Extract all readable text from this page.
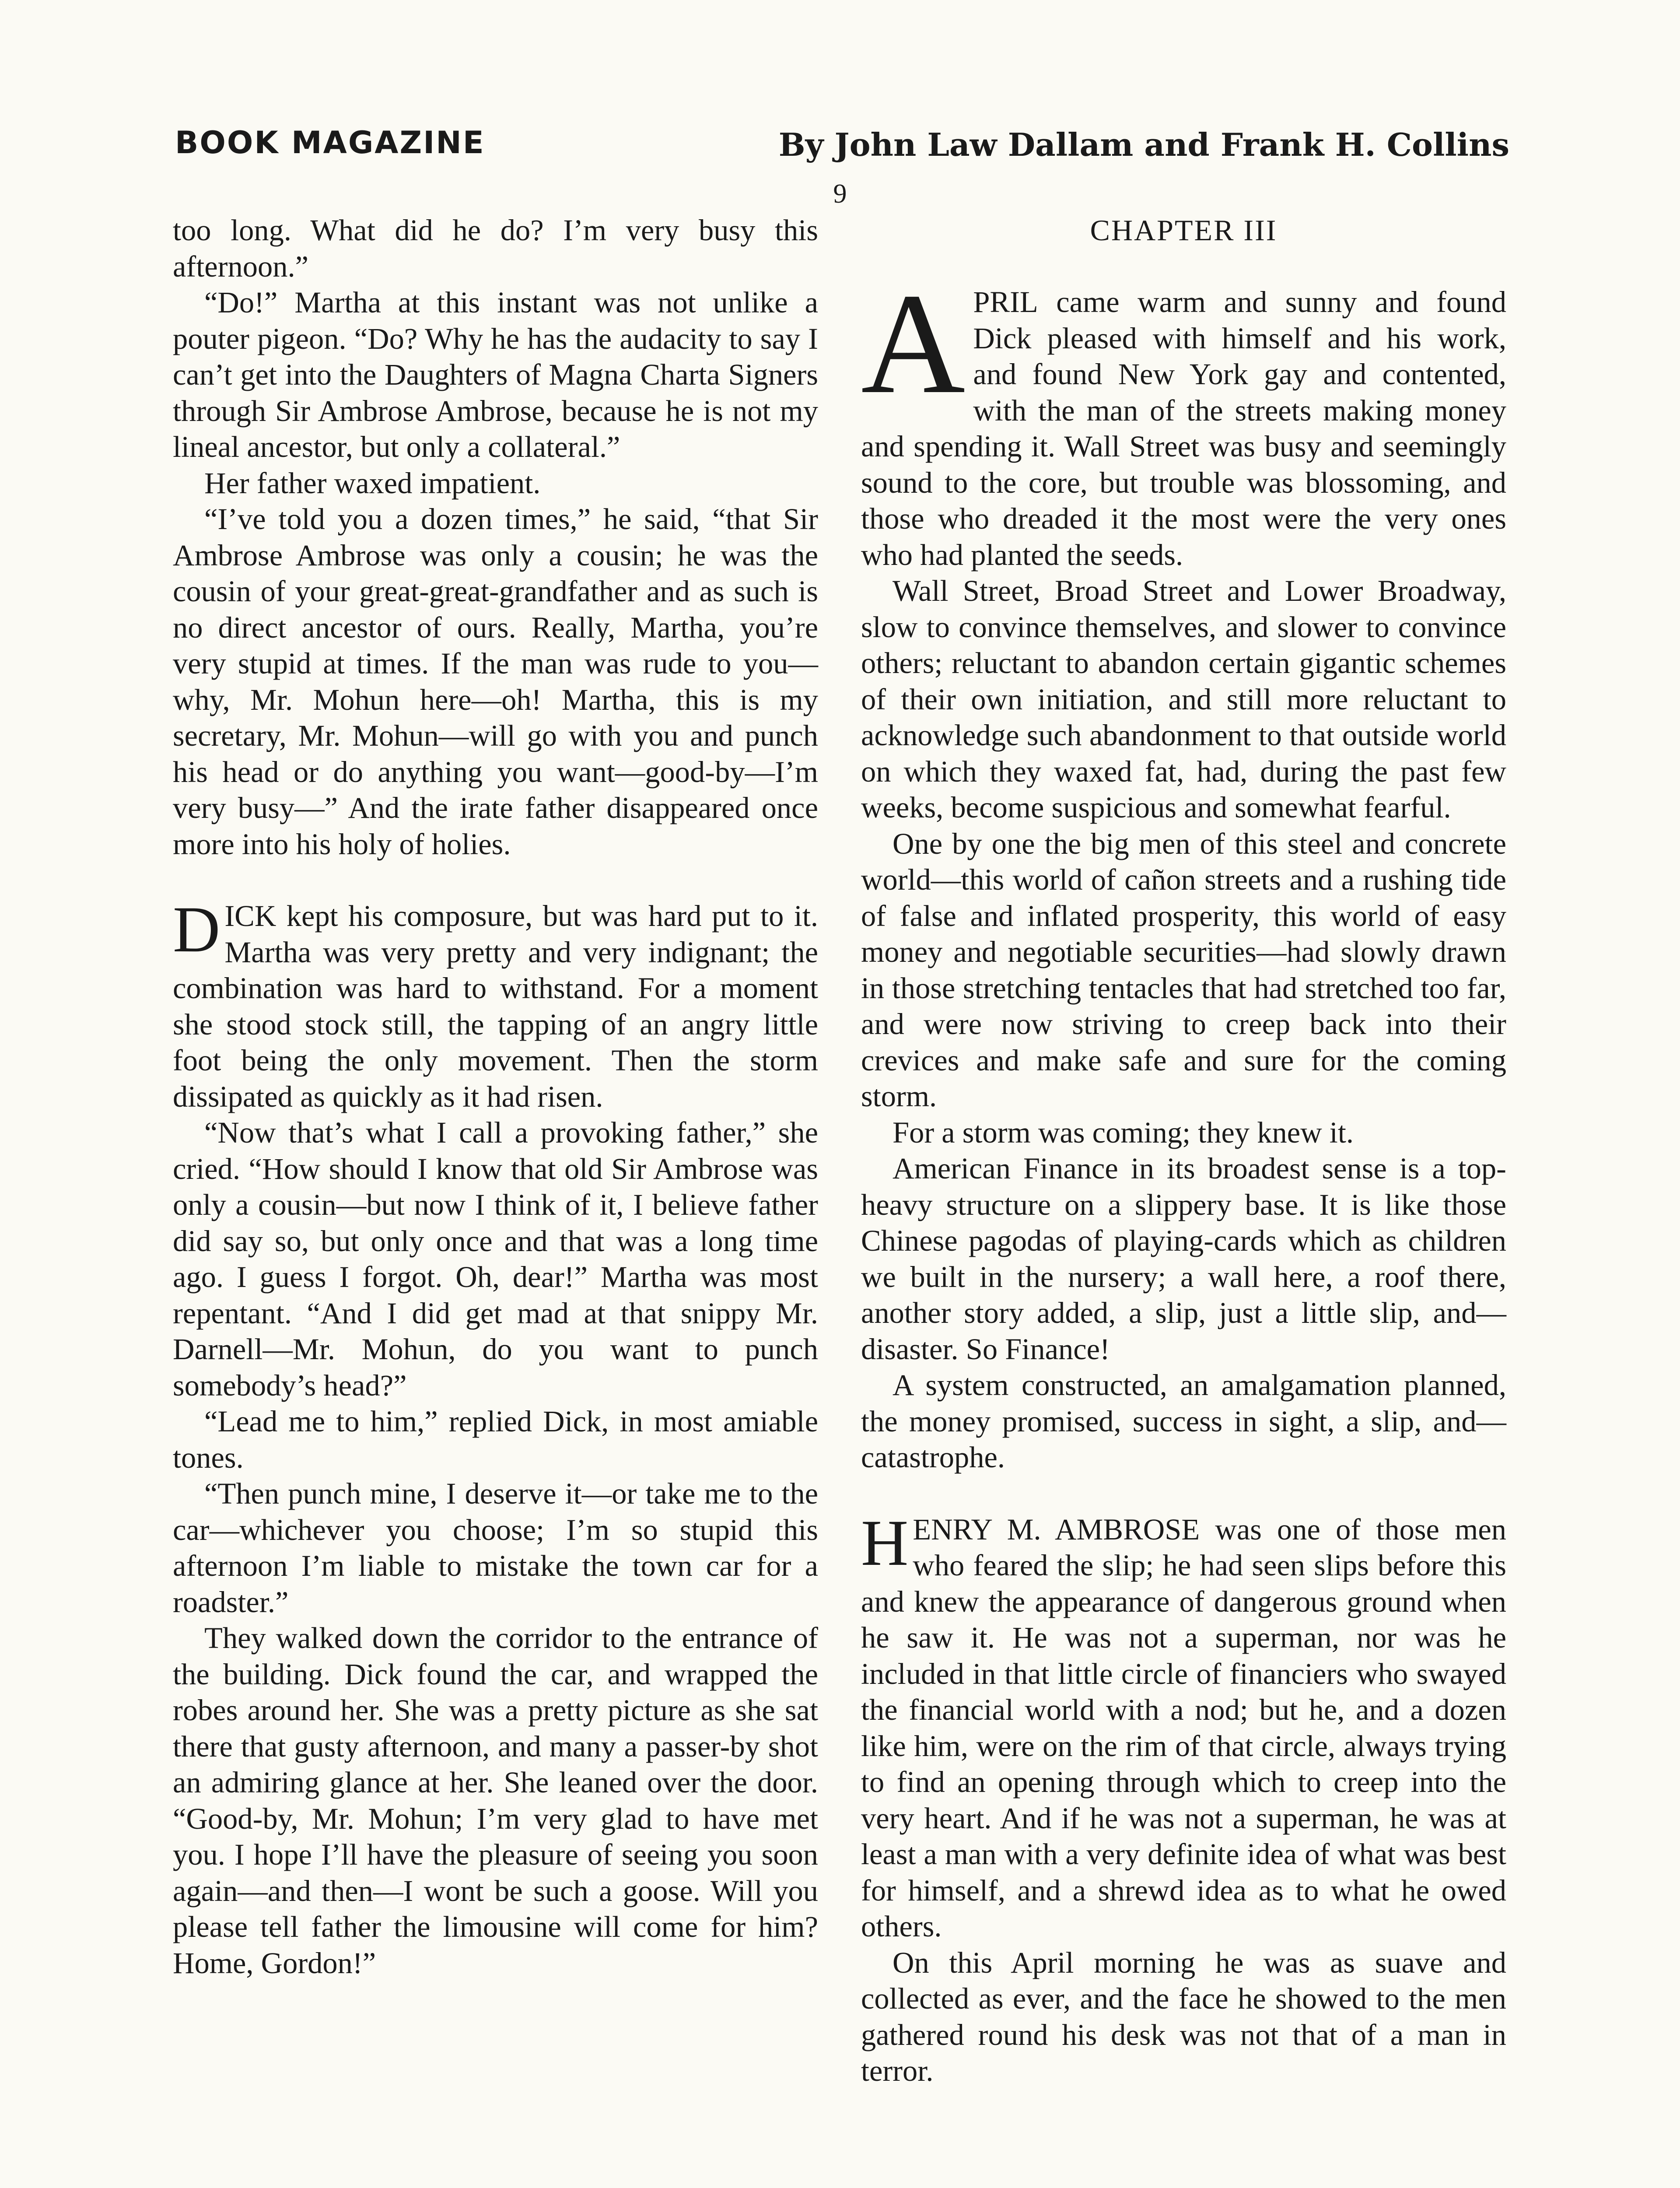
BOOK MAGAZINE	By John Law Dallam and Frank H. Collins
9

too long. What did he do? I’m very busy this afternoon.”

“Do!” Martha at this instant was not unlike a pouter pigeon. “Do? Why he has the audacity to say I can’t get into the Daughters of Magna Charta Signers through Sir Ambrose Ambrose, because he is not my lineal ancestor, but only a collateral.”

Her father waxed impatient.

“I’ve told you a dozen times,” he said, “that Sir Ambrose Ambrose was only a cousin; he was the cousin of your great-great-grandfather and as such is no direct ancestor of ours. Really, Martha, you’re very stupid at times. If the man was rude to you—why, Mr. Mohun here—oh! Martha, this is my secretary, Mr. Mohun—will go with you and punch his head or do anything you want—good-by—I’m very busy—” And the irate father disappeared once more into his holy of holies.

DICK kept his composure, but was hard put to it. Martha was very pretty and very indignant; the combination was hard to withstand. For a moment she stood stock still, the tapping of an angry little foot being the only movement. Then the storm dissipated as quickly as it had risen.

“Now that’s what I call a provoking father,” she cried. “How should I know that old Sir Ambrose was only a cousin—but now I think of it, I believe father did say so, but only once and that was a long time ago. I guess I forgot. Oh, dear!” Martha was most repentant. “And I did get mad at that snippy Mr. Darnell—Mr. Mohun, do you want to punch somebody’s head?”

“Lead me to him,” replied Dick, in most amiable tones.

“Then punch mine, I deserve it—or take me to the car—whichever you choose; I’m so stupid this afternoon I’m liable to mistake the town car for a roadster.”

They walked down the corridor to the entrance of the building. Dick found the car, and wrapped the robes around her. She was a pretty picture as she sat there that gusty afternoon, and many a passer-by shot an admiring glance at her. She leaned over the door. “Good-by, Mr. Mohun; I’m very glad to have met you. I hope I’ll have the pleasure of seeing you soon again—and then—I wont be such a goose. Will you please tell father the limousine will come for him? Home, Gordon!”

CHAPTER III

APRIL came warm and sunny and found Dick pleased with himself and his work, and found New York gay and contented, with the man of the streets making money and spending it. Wall Street was busy and seemingly sound to the core, but trouble was blossoming, and those who dreaded it the most were the very ones who had planted the seeds.

Wall Street, Broad Street and Lower Broadway, slow to convince themselves, and slower to convince others; reluctant to abandon certain gigantic schemes of their own initiation, and still more reluctant to acknowledge such abandonment to that outside world on which they waxed fat, had, during the past few weeks, become suspicious and somewhat fearful.

One by one the big men of this steel and concrete world—this world of cañon streets and a rushing tide of false and inflated prosperity, this world of easy money and negotiable securities—had slowly drawn in those stretching tentacles that had stretched too far, and were now striving to creep back into their crevices and make safe and sure for the coming storm.

For a storm was coming; they knew it.

American Finance in its broadest sense is a top-heavy structure on a slippery base. It is like those Chinese pagodas of playing-cards which as children we built in the nursery; a wall here, a roof there, another story added, a slip, just a little slip, and—disaster. So Finance!

A system constructed, an amalgamation planned, the money promised, success in sight, a slip, and—catastrophe.

HENRY M. AMBROSE was one of those men who feared the slip; he had seen slips before this and knew the appearance of dangerous ground when he saw it. He was not a superman, nor was he included in that little circle of financiers who swayed the financial world with a nod; but he, and a dozen like him, were on the rim of that circle, always trying to find an opening through which to creep into the very heart. And if he was not a superman, he was at least a man with a very definite idea of what was best for himself, and a shrewd idea as to what he owed others.

On this April morning he was as suave and collected as ever, and the face he showed to the men gathered round his desk was not that of a man in terror.
